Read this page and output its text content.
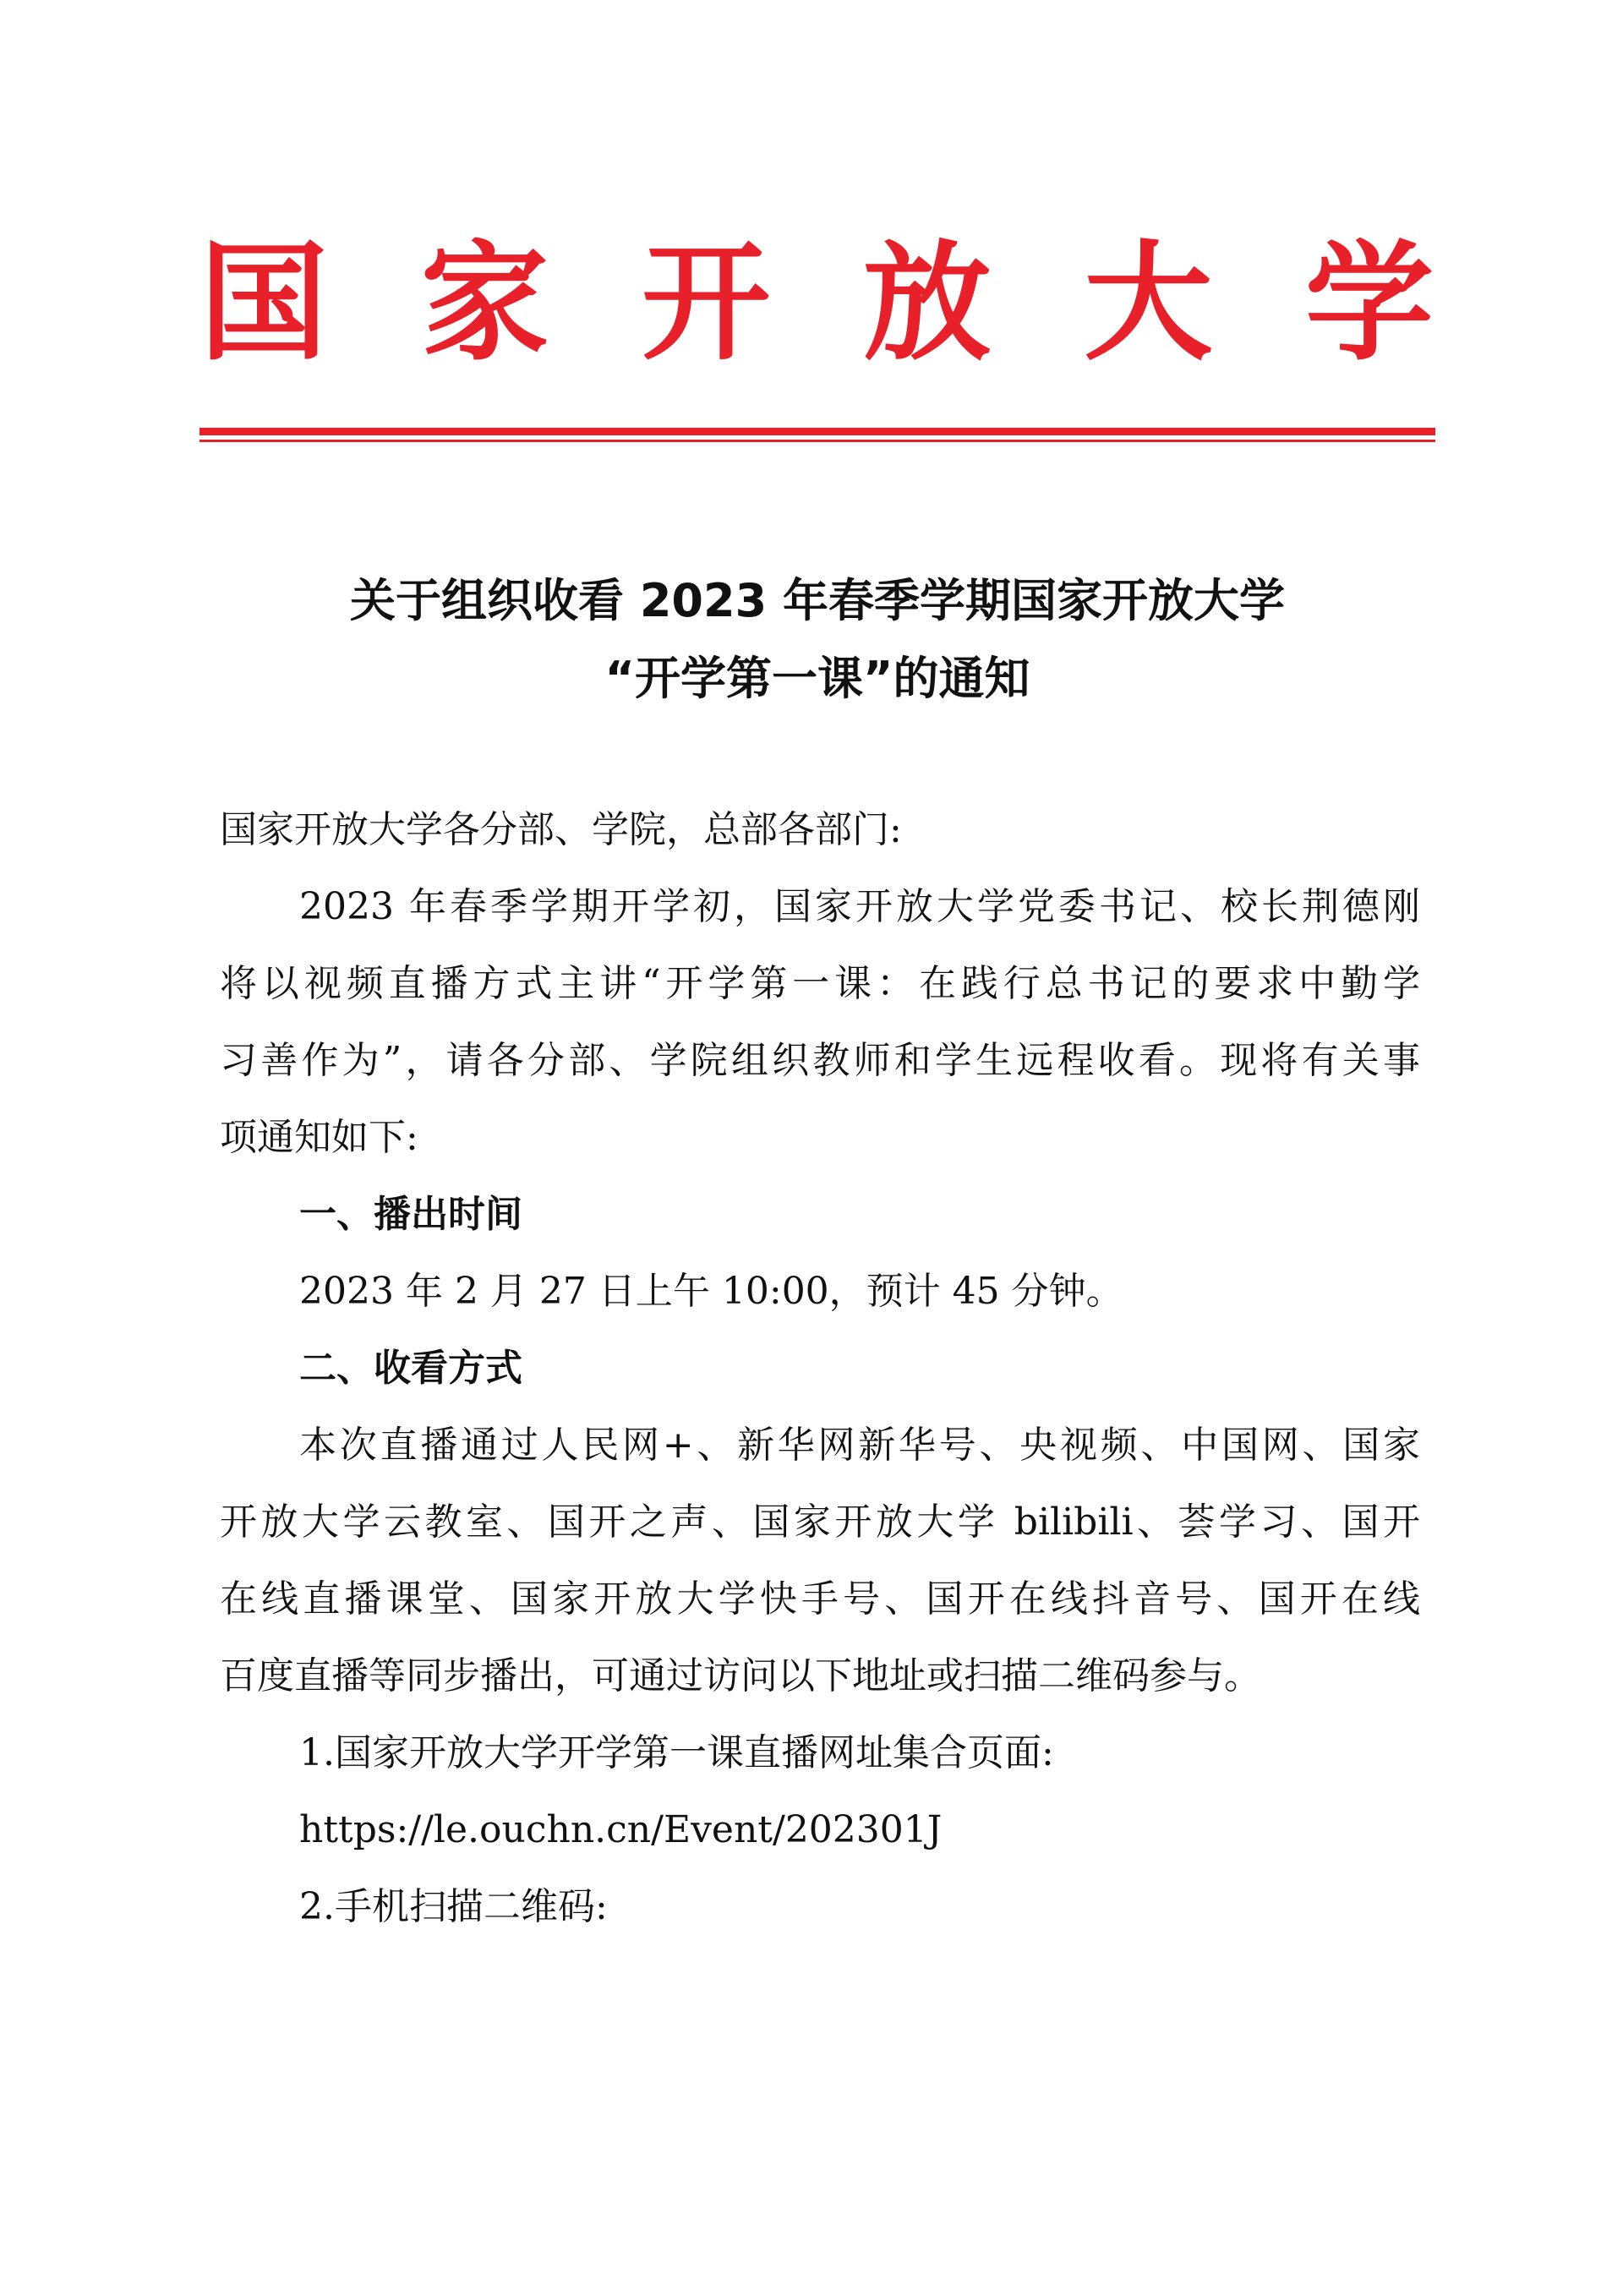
国 家 开 放 大 学
关于组织收看 2023 年春季学期国家开放大学
“开学第一课”的通知
国家开放大学各分部、学院，总部各部门:
2023 年春季学期开学初，国家开放大学党委书记、校长荆德刚
将以视频直播方式主讲“开学第一课：在践行总书记的要求中勤学
习善作为”，请各分部、学院组织教师和学生远程收看。现将有关事
项通知如下:
一、播出时间
2023 年 2 月 27 日上午 10:00，预计 45 分钟。
二、收看方式
本次直播通过人民网+、新华网新华号、央视频、中国网、国家
开放大学云教室、国开之声、国家开放大学 bilibili、荟学习、国开
在线直播课堂、国家开放大学快手号、国开在线抖音号、国开在线
百度直播等同步播出，可通过访问以下地址或扫描二维码参与。
1.国家开放大学开学第一课直播网址集合页面:
https://le.ouchn.cn/Event/202301J
2.手机扫描二维码:
